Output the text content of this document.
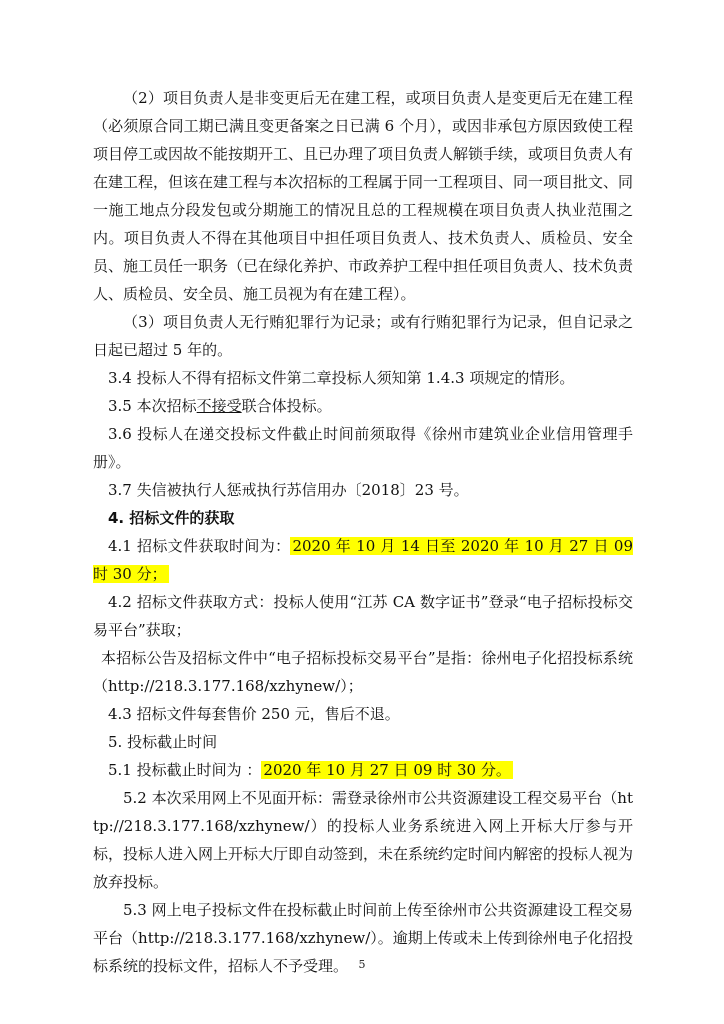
（2）项目负责人是非变更后无在建工程，或项目负责人是变更后无在建工程（必须原合同工期已满且变更备案之日已满 6 个月），或因非承包方原因致使工程项目停工或因故不能按期开工、且已办理了项目负责人解锁手续，或项目负责人有在建工程，但该在建工程与本次招标的工程属于同一工程项目、同一项目批文、同一施工地点分段发包或分期施工的情况且总的工程规模在项目负责人执业范围之内。项目负责人不得在其他项目中担任项目负责人、技术负责人、质检员、安全员、施工员任一职务（已在绿化养护、市政养护工程中担任项目负责人、技术负责人、质检员、安全员、施工员视为有在建工程）。

（3）项目负责人无行贿犯罪行为记录；或有行贿犯罪行为记录，但自记录之日起已超过 5 年的。

3.4 投标人不得有招标文件第二章投标人须知第 1.4.3 项规定的情形。

3.5 本次招标不接受联合体投标。

3.6 投标人在递交投标文件截止时间前须取得《徐州市建筑业企业信用管理手册》。

3.7 失信被执行人惩戒执行苏信用办〔2018〕23 号。

4. 招标文件的获取

4.1 招标文件获取时间为： 2020 年 10 月 14 日至 2020 年 10 月 27 日 09 时 30 分；

4.2 招标文件获取方式：投标人使用“江苏 CA 数字证书”登录“电子招标投标交易平台”获取；

本招标公告及招标文件中“电子招标投标交易平台”是指：徐州电子化招投标系统（http://218.3.177.168/xzhynew/）；

4.3 招标文件每套售价 250 元，售后不退。

5. 投标截止时间

5.1 投标截止时间为 ： 2020 年 10 月 27 日 09 时 30 分。

5.2 本次采用网上不见面开标：需登录徐州市公共资源建设工程交易平台（http://218.3.177.168/xzhynew/）的投标人业务系统进入网上开标大厅参与开标，投标人进入网上开标大厅即自动签到，未在系统约定时间内解密的投标人视为放弃投标。

5.3 网上电子投标文件在投标截止时间前上传至徐州市公共资源建设工程交易平台（http://218.3.177.168/xzhynew/）。逾期上传或未上传到徐州电子化招投标系统的投标文件，招标人不予受理。 5
